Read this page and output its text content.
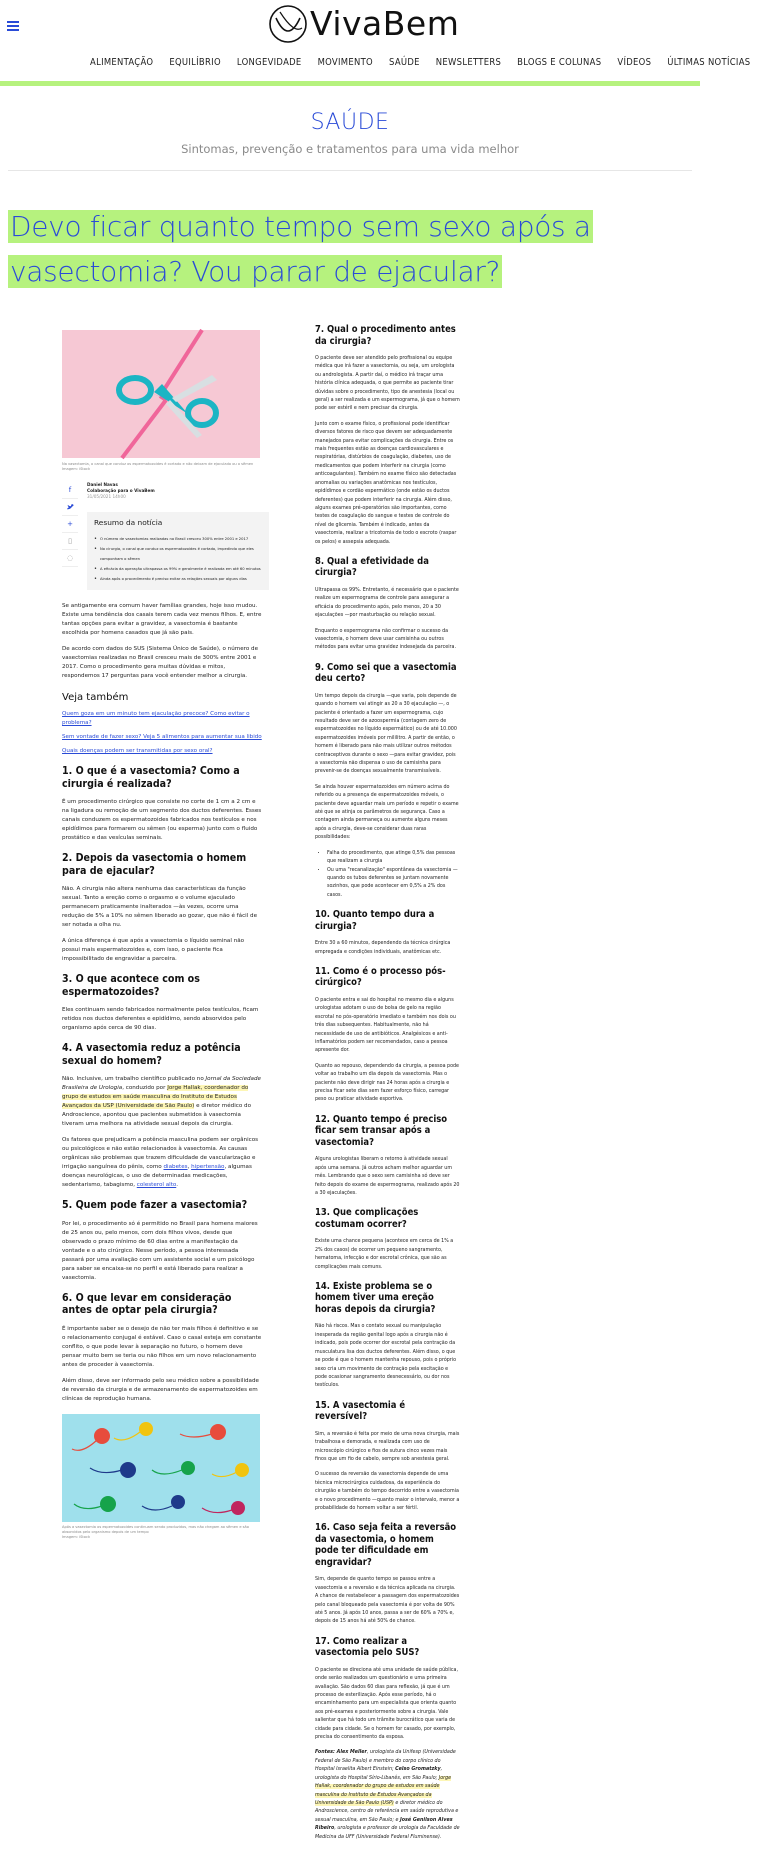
VivaBem
ALIMENTAÇÃO EQUILÍBRIO LONGEVIDADE MOVIMENTO SAÚDE NEWSLETTERS BLOGS E COLUNAS VÍDEOS ÚLTIMAS NOTÍCIAS
SAÚDE
Sintomas, prevenção e tratamentos para uma vida melhor
Devo ficar quanto tempo sem sexo após a vasectomia? Vou parar de ejacular?
Na vasectomia, o canal que conduz os espermatozoides é cortado e não deixam de ejaculado ou o sêmen
Imagem: iStock
f
+
▯
◌
Daniel Navas
Colaboração para o VivaBem
31/05/2021 14h00
Resumo da notícia
• O número de vasectomias realizadas no Brasil cresceu 300% entre 2001 e 2017
• No cirurgia, o canal que conduz os espermatozoides é cortado, impedindo que eles componham o sêmen
• A eficácia da operação ultrapassa os 99% e geralmente é realizada em até 60 minutos
• Ainda após o procedimento é preciso evitar as relações sexuais por alguns dias

Se antigamente era comum haver famílias grandes, hoje isso mudou. Existe uma tendência dos casais terem cada vez menos filhos. E, entre tantas opções para evitar a gravidez, a vasectomia é bastante escolhida por homens casados que já são pais.

De acordo com dados do SUS (Sistema Único de Saúde), o número de vasectomias realizadas no Brasil cresceu mais de 300% entre 2001 e 2017. Como o procedimento gera muitas dúvidas e mitos, respondemos 17 perguntas para você entender melhor a cirurgia.

Veja também
Quem goza em um minuto tem ejaculação precoce? Como evitar o problema?
Sem vontade de fazer sexo? Veja 5 alimentos para aumentar sua libido
Quais doenças podem ser transmitidas por sexo oral?
1. O que é a vasectomia? Como a cirurgia é realizada?

É um procedimento cirúrgico que consiste no corte de 1 cm a 2 cm e na ligadura ou remoção de um segmento dos ductos deferentes. Esses canais conduzem os espermatozoides fabricados nos testículos e nos epidídimos para formarem ou sêmen (ou esperma) junto com o fluido prostático e das vesículas seminais.

2. Depois da vasectomia o homem para de ejacular?

Não. A cirurgia não altera nenhuma das características da função sexual. Tanto a ereção como o orgasmo e o volume ejaculado permanecem praticamente inalterados —às vezes, ocorre uma redução de 5% a 10% no sêmen liberado ao gozar, que não é fácil de ser notada a olha nu.

A única diferença é que após a vasectomia o líquido seminal não possui mais espermatozoides e, com isso, o paciente fica impossibilitado de engravidar a parceira.

3. O que acontece com os espermatozoides?

Eles continuam sendo fabricados normalmente pelos testículos, ficam retidos nos ductos deferentes e epidídimo, sendo absorvidos pelo organismo após cerca de 90 dias.

4. A vasectomia reduz a potência sexual do homem?

Não. Inclusive, um trabalho científico publicado no Jornal da Sociedade Brasileira de Urologia, conduzido por Jorge Hallak, coordenador do grupo de estudos em saúde masculina do Instituto de Estudos Avançados da USP (Universidade de São Paulo) e diretor médico do Androscience, apontou que pacientes submetidos à vasectomia tiveram uma melhora na atividade sexual depois da cirurgia.

Os fatores que prejudicam a potência masculina podem ser orgânicos ou psicológicos e não estão relacionados à vasectomia. As causas orgânicas são problemas que trazem dificuldade de vascularização e irrigação sanguínea do pênis, como diabetes, hipertensão, algumas doenças neurológicas, o uso de determinadas medicações, sedentarismo, tabagismo, colesterol alto.

5. Quem pode fazer a vasectomia?

Por lei, o procedimento só é permitido no Brasil para homens maiores de 25 anos ou, pelo menos, com dois filhos vivos, desde que observado o prazo mínimo de 60 dias entre a manifestação da vontade e o ato cirúrgico. Nesse período, a pessoa interessada passará por uma avaliação com um assistente social e um psicólogo para saber se encaixa-se no perfil e está liberado para realizar a vasectomia.

6. O que levar em consideração antes de optar pela cirurgia?

É importante saber se o desejo de não ter mais filhos é definitivo e se o relacionamento conjugal é estável. Caso o casal esteja em constante conflito, o que pode levar à separação no futuro, o homem deve pensar muito bem se teria ou não filhos em um novo relacionamento antes de proceder à vasectomia.

Além disso, deve ser informado pelo seu médico sobre a possibilidade de reversão da cirurgia e de armazenamento de espermatozoides em clínicas de reprodução humana.

Após a vasectomia os espermatozoides continuam sendo produzidos, mas não chegam ao sêmen e são absorvidos pelo organismo depois de um tempo
Imagem: iStock
7. Qual o procedimento antes da cirurgia?

O paciente deve ser atendido pelo profissional ou equipe médica que irá fazer a vasectomia, ou seja, um urologista ou andrologista. A partir daí, o médico irá traçar uma história clínica adequada, o que permite ao paciente tirar dúvidas sobre o procedimento, tipo de anestesia (local ou geral) a ser realizada e um espermograma, já que o homem pode ser estéril e nem precisar da cirurgia.

Junto com o exame físico, o profissional pode identificar diversos fatores de risco que devem ser adequadamente manejados para evitar complicações da cirurgia. Entre os mais frequentes estão as doenças cardiovasculares e respiratórias, distúrbios de coagulação, diabetes, uso de medicamentos que podem interferir na cirurgia (como anticoagulantes). Também no exame físico são detectadas anomalias ou variações anatômicas nos testículos, epidídimos e cordão espermático (onde estão os ductos deferentes) que podem interferir na cirurgia. Além disso, alguns exames pré-operatórios são importantes, como testes de coagulação do sangue e testes de controle do nível de glicemia. Também é indicado, antes da vasectomia, realizar a tricotomia de todo o escroto (raspar os pelos) e assepsia adequada.

8. Qual a efetividade da cirurgia?

Ultrapassa os 99%. Entretanto, é necessário que o paciente realize um espermograma de controle para assegurar a eficácia do procedimento após, pelo menos, 20 a 30 ejaculações —por masturbação ou relação sexual.

Enquanto o espermograma não confirmar o sucesso da vasectomia, o homem deve usar camisinha ou outros métodos para evitar uma gravidez indesejada da parceira.

9. Como sei que a vasectomia deu certo?

Um tempo depois da cirurgia —que varia, pois depende de quando o homem vai atingir as 20 a 30 ejaculação —, o paciente é orientado a fazer um espermograma, cujo resultado deve ser de azoospermia (contagem zero de espermatozoides no líquido espermático) ou de até 10.000 espermatozoides imóveis por mililitro. A partir de então, o homem é liberado para não mais utilizar outros métodos contraceptivos durante o sexo —para evitar gravidez, pois a vasectomia não dispensa o uso de camisinha para prevenir-se de doenças sexualmente transmissíveis.

Se ainda houver espermatozoides em número acima do referido ou a presença de espermatozoides móveis, o paciente deve aguardar mais um período e repetir o exame até que se atinja os parâmetros de segurança. Caso a contagem ainda permaneça ou aumente alguns meses após a cirurgia, deve-se considerar duas raras possibilidades:

• Falha do procedimento, que atinge 0,5% das pessoas que realizam a cirurgia
• Ou uma "recanalização" espontânea da vasectomia —quando os tubos deferentes se juntam novamente sozinhos, que pode acontecer em 0,5% a 2% dos casos.
10. Quanto tempo dura a cirurgia?

Entre 30 a 60 minutos, dependendo da técnica cirúrgica empregada e condições individuais, anatômicas etc.

11. Como é o processo pós-cirúrgico?

O paciente entra e sai do hospital no mesmo dia e alguns urologistas adotam o uso de bolsa de gelo na região escrotal no pós-operatório imediato e também nos dois ou três dias subsequentes. Habitualmente, não há necessidade de uso de antibióticos. Analgésicos e anti-inflamatórios podem ser recomendados, caso a pessoa apresente dor.

Quanto ao repouso, dependendo da cirurgia, a pessoa pode voltar ao trabalho um dia depois da vasectomia. Mas o paciente não deve dirigir nas 24 horas após a cirurgia e precisa ficar sete dias sem fazer esforço físico, carregar peso ou praticar atividade esportiva.

12. Quanto tempo é preciso ficar sem transar após a vasectomia?

Alguns urologistas liberam o retorno à atividade sexual após uma semana. Já outros acham melhor aguardar um mês. Lembrando que o sexo sem camisinha só deve ser feito depois do exame de espermograma, realizado após 20 a 30 ejaculações.

13. Que complicações costumam ocorrer?

Existe uma chance pequena (acontece em cerca de 1% a 2% dos casos) de ocorrer um pequeno sangramento, hematoma, infecção e dor escrotal crônica, que são as complicações mais comuns.

14. Existe problema se o homem tiver uma ereção horas depois da cirurgia?

Não há riscos. Mas o contato sexual ou manipulação inesperada da região genital logo após a cirurgia não é indicado, pois pode ocorrer dor escrotal pela contração da musculatura lisa dos ductos deferentes. Além disso, o que se pode é que o homem mantenha repouso, pois o próprio sexo cria um movimento de contração pela excitação e pode ocasionar sangramento desnecessário, ou dor nos testículos.

15. A vasectomia é reversível?

Sim, a reversão é feita por meio de uma nova cirurgia, mais trabalhosa e demorada, e realizada com uso de microscópio cirúrgico e fios de sutura cinco vezes mais finos que um fio de cabelo, sempre sob anestesia geral.

O sucesso da reversão da vasectomia depende de uma técnica microcirúrgica cuidadosa, da experiência do cirurgião e também do tempo decorrido entre a vasectomia e o novo procedimento —quanto maior o intervalo, menor a probabilidade do homem voltar a ser fértil.

16. Caso seja feita a reversão da vasectomia, o homem pode ter dificuldade em engravidar?

Sim, depende de quanto tempo se passou entre a vasectomia e a reversão e da técnica aplicada na cirurgia. A chance de restabelecer a passagem dos espermatozoides pelo canal bloqueado pela vasectomia é por volta de 90% até 5 anos. Já após 10 anos, passa a ser de 60% a 70% e, depois de 15 anos há até 50% de chance.

17. Como realizar a vasectomia pelo SUS?

O paciente se direciona até uma unidade de saúde pública, onde serão realizados um questionário e uma primeira avaliação. São dados 60 dias para reflexão, já que é um processo de esterilização. Após esse período, há o encaminhamento para um especialista que orienta quanto aos pré-exames e posteriormente sobre a cirurgia. Vale salientar que há todo um trâmite burocrático que varia de cidade para cidade. Se o homem for casado, por exemplo, precisa do consentimento da esposa.

Fontes: Alex Meller, urologista da Unifesp (Universidade Federal de São Paulo) e membro do corpo clínico do Hospital Israelita Albert Einstein; Celso Gromatzky, urologista do Hospital Sírio-Libanês, em São Paulo; Jorge Hallak, coordenador do grupo de estudos em saúde masculina do Instituto de Estudos Avançados da Universidade de São Paulo (USP) e diretor médico do Androscience, centro de referência em saúde reprodutiva e sexual masculina, em São Paulo; e José Genilson Alves Ribeiro, urologista e professor de urologia da Faculdade de Medicina da UFF (Universidade Federal Fluminense).
